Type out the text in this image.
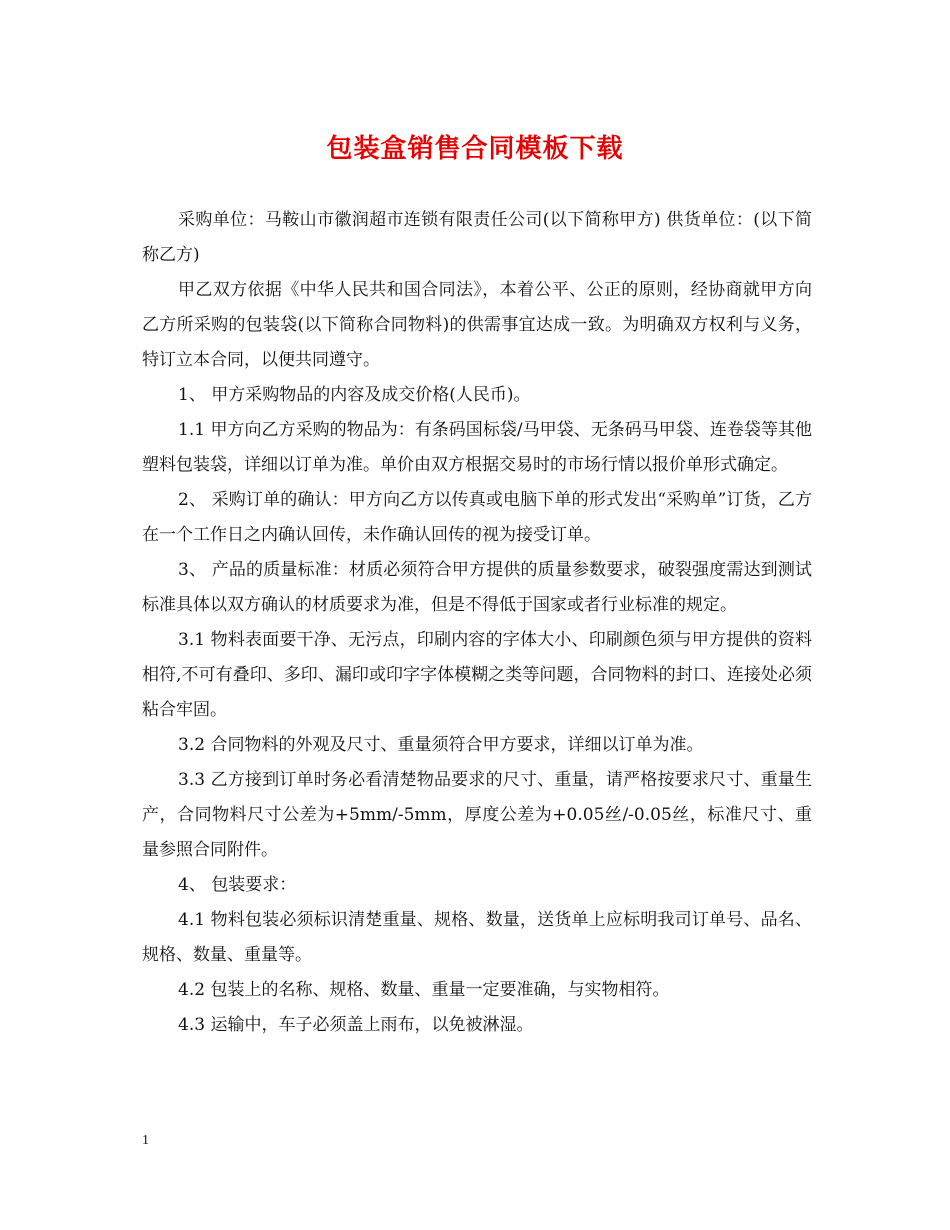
包装盒销售合同模板下载

采购单位：马鞍山市徽润超市连锁有限责任公司(以下简称甲方) 供货单位：(以下简称乙方)

甲乙双方依据《中华人民共和国合同法》，本着公平、公正的原则，经协商就甲方向乙方所采购的包装袋(以下简称合同物料)的供需事宜达成一致。为明确双方权利与义务，特订立本合同，以便共同遵守。

1、 甲方采购物品的内容及成交价格(人民币)。

1.1 甲方向乙方采购的物品为：有条码国标袋/马甲袋、无条码马甲袋、连卷袋等其他塑料包装袋，详细以订单为准。单价由双方根据交易时的市场行情以报价单形式确定。

2、 采购订单的确认：甲方向乙方以传真或电脑下单的形式发出“采购单”订货，乙方在一个工作日之内确认回传，未作确认回传的视为接受订单。

3、 产品的质量标准：材质必须符合甲方提供的质量参数要求，破裂强度需达到测试标准具体以双方确认的材质要求为准，但是不得低于国家或者行业标准的规定。

3.1 物料表面要干净、无污点，印刷内容的字体大小、印刷颜色须与甲方提供的资料相符,不可有叠印、多印、漏印或印字字体模糊之类等问题，合同物料的封口、连接处必须粘合牢固。

3.2 合同物料的外观及尺寸、重量须符合甲方要求，详细以订单为准。

3.3 乙方接到订单时务必看清楚物品要求的尺寸、重量，请严格按要求尺寸、重量生产，合同物料尺寸公差为+5mm/-5mm，厚度公差为+0.05丝/-0.05丝，标准尺寸、重量参照合同附件。

4、 包装要求：

4.1 物料包装必须标识清楚重量、规格、数量，送货单上应标明我司订单号、品名、规格、数量、重量等。

4.2 包装上的名称、规格、数量、重量一定要准确，与实物相符。

4.3 运输中，车子必须盖上雨布，以免被淋湿。

1
